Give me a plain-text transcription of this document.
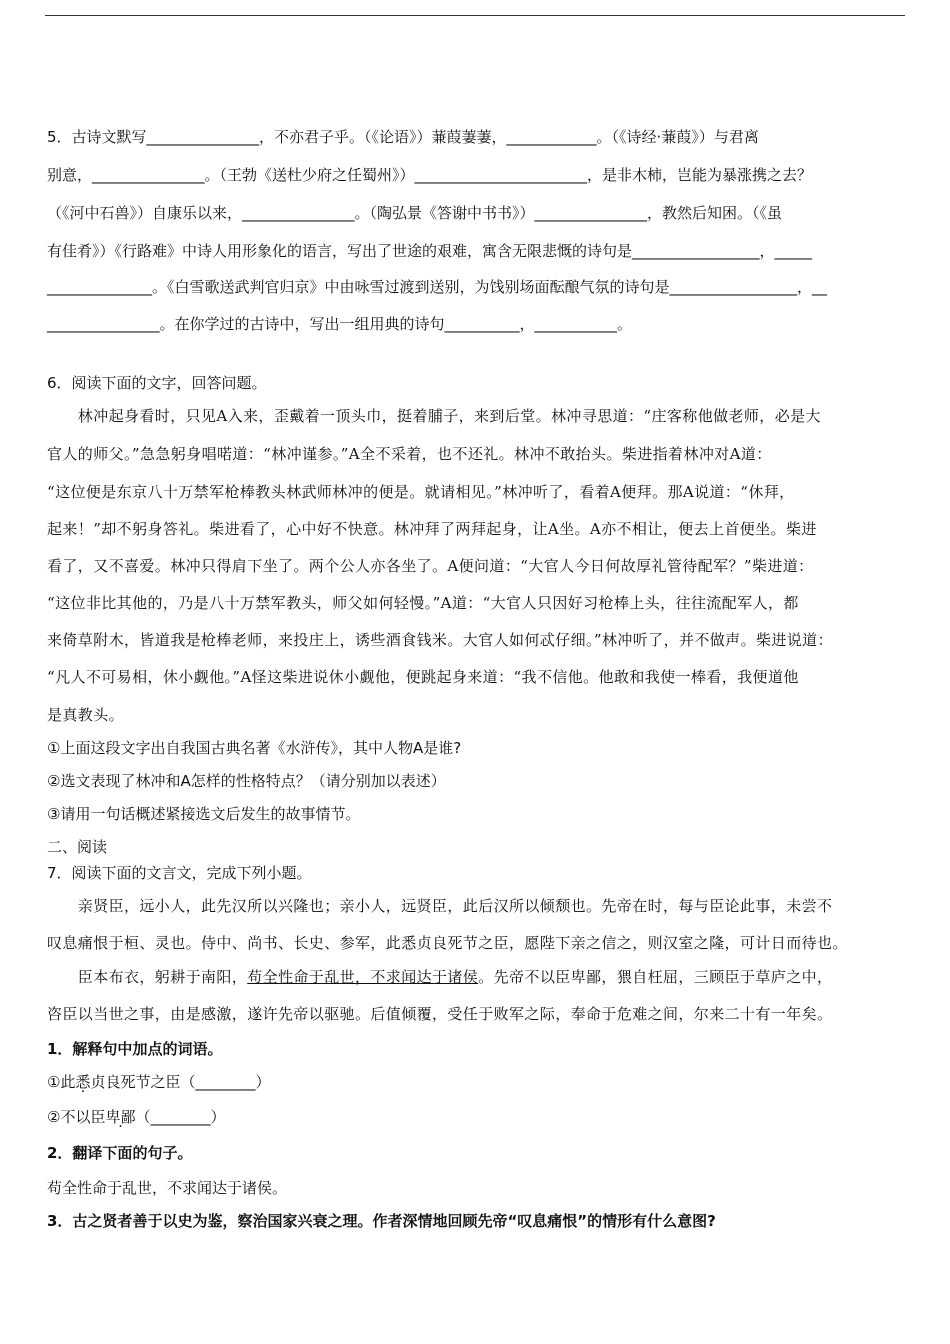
5．古诗文默写_______________，不亦君子乎。（《论语》）蒹葭萋萋，____________。（《诗经·蒹葭》）与君离
别意，_______________。（王勃《送杜少府之任蜀州》）_______________________，是非木柿，岂能为暴涨携之去？
（《河中石兽》）自康乐以来，_______________。（陶弘景《答谢中书书》）_______________，教然后知困。（《虽
有佳肴》）《行路难》中诗人用形象化的语言，写出了世途的艰难，寓含无限悲慨的诗句是_________________，_____
______________。《白雪歌送武判官归京》中由咏雪过渡到送别，为饯别场面酝酿气氛的诗句是_________________，__
_______________。在你学过的古诗中，写出一组用典的诗句__________，___________。
6．阅读下面的文字，回答问题。
　　林冲起身看时，只见A入来，歪戴着一顶头巾，挺着脯子，来到后堂。林冲寻思道：“庄客称他做老师，必是大
官人的师父。”急急躬身唱喏道：“林冲谨参。”A全不采着，也不还礼。林冲不敢抬头。柴进指着林冲对A道：
“这位便是东京八十万禁军枪棒教头林武师林冲的便是。就请相见。”林冲听了，看着A便拜。那A说道：“休拜，
起来！”却不躬身答礼。柴进看了，心中好不快意。林冲拜了两拜起身，让A坐。A亦不相让，便去上首便坐。柴进
看了，又不喜爱。林冲只得肩下坐了。两个公人亦各坐了。A便问道：“大官人今日何故厚礼管待配军？”柴进道：
“这位非比其他的，乃是八十万禁军教头，师父如何轻慢。”A道：“大官人只因好习枪棒上头，往往流配军人，都
来倚草附木，皆道我是枪棒老师，来投庄上，诱些酒食钱米。大官人如何忒仔细。”林冲听了，并不做声。柴进说道：
“凡人不可易相，休小觑他。”A怪这柴进说休小觑他，便跳起身来道：“我不信他。他敢和我使一棒看，我便道他
是真教头。
①上面这段文字出自我国古典名著《水浒传》，其中人物A是谁?
②选文表现了林冲和A怎样的性格特点？（请分别加以表述）
③请用一句话概述紧接选文后发生的故事情节。
二、阅读
7．阅读下面的文言文，完成下列小题。
　　亲贤臣，远小人，此先汉所以兴隆也；亲小人，远贤臣，此后汉所以倾颓也。先帝在时，每与臣论此事，未尝不
叹息痛恨于桓、灵也。侍中、尚书、长史、参军，此悉贞良死节之臣，愿陛下亲之信之，则汉室之隆，可计日而待也。
　　臣本布衣，躬耕于南阳，苟全性命于乱世，不求闻达于诸侯。先帝不以臣卑鄙，猥自枉屈，三顾臣于草庐之中，
咨臣以当世之事，由是感激，遂许先帝以驱驰。后值倾覆，受任于败军之际，奉命于危难之间，尔来二十有一年矣。
1．解释句中加点的词语。
①此悉贞良死节之臣（________）
②不以臣卑鄙（________）
2．翻译下面的句子。
苟全性命于乱世，不求闻达于诸侯。
3．古之贤者善于以史为鉴，察治国家兴衰之理。作者深情地回顾先帝“叹息痛恨”的情形有什么意图?
